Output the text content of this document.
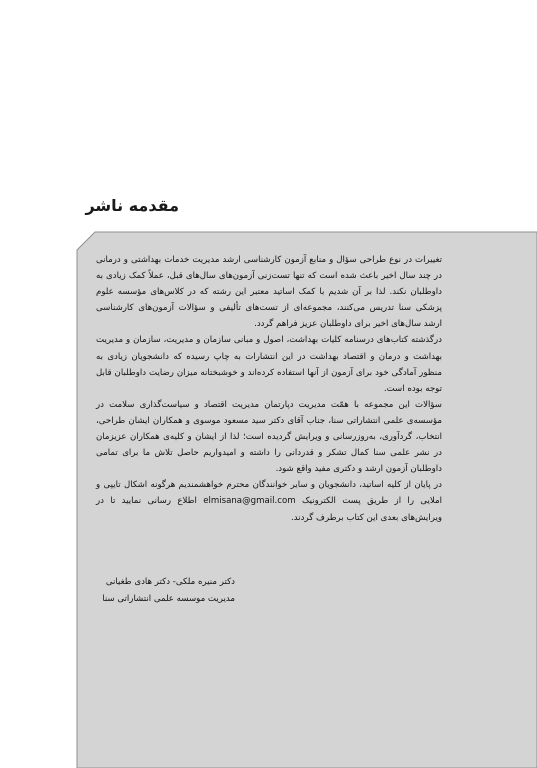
مقدمه ناشر

تغییرات در نوع طراحی سؤال و منابع آزمون کارشناسی ارشد مدیریت خدمات بهداشتی و درمانی در چند سال اخیر باعث شده است که تنها تست‌زنی آزمون‌های سال‌های قبل، عملاً کمک زیادی به داوطلبان نکند. لذا بر آن شدیم با کمک اساتید معتبر این رشته که در کلاس‌های مؤسسه علوم پزشکی سنا تدریس می‌کنند، مجموعه‌ای از تست‌های تألیفی و سؤالات آزمون‌های کارشناسی ارشد سال‌های اخیر برای داوطلبان عزیز فراهم گردد.

درگذشته کتاب‌های درسنامه کلیات بهداشت، اصول و مبانی سازمان و مدیریت، سازمان و مدیریت بهداشت و درمان و اقتصاد بهداشت در این انتشارات به چاپ رسیده که دانشجویان زیادی به منظور آمادگی خود برای آزمون از آنها استفاده کرده‌اند و خوشبختانه میزان رضایت داوطلبان قابل توجه بوده است.

سؤالات این مجموعه با همّت مدیریت دپارتمان مدیریت اقتصاد و سیاست‌گذاری سلامت در مؤسسه‌ی علمی انتشاراتی سنا، جناب آقای دکتر سید مسعود موسوی و همکاران ایشان طراحی، انتخاب، گردآوری، به‌روزرسانی و ویرایش گردیده است؛ لذا از ایشان و کلیه‌ی همکاران عزیزمان در نشر علمی سنا کمال تشکر و قدردانی را داشته و امیدواریم حاصل تلاش ما برای تمامی داوطلبان آزمون ارشد و دکتری مفید واقع شود.

در پایان از کلیه اساتید، دانشجویان و سایر خوانندگان محترم خواهشمندیم هرگونه اشکال تایپی و املایی را از طریق پست الکترونیک elmisana@gmail.com اطلاع رسانی نمایید تا در ویرایش‌های بعدی این کتاب برطرف گردند.

دکتر منیره ملکی- دکتر هادی طغیانی
مدیریت موسسه علمی انتشاراتی سنا
